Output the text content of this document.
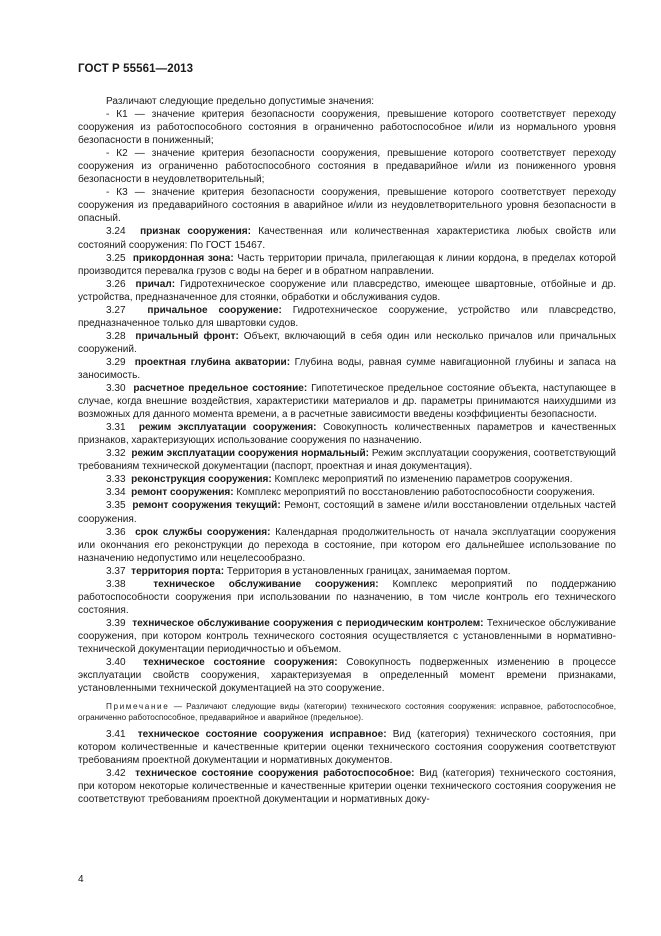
ГОСТ Р 55561—2013

Различают следующие предельно допустимые значения:

- К1 — значение критерия безопасности сооружения, превышение которого соответствует переходу сооружения из работоспособного состояния в ограниченно работоспособное и/или из нормального уровня безопасности в пониженный;

- К2 — значение критерия безопасности сооружения, превышение которого соответствует переходу сооружения из ограниченно работоспособного состояния в предаварийное и/или из пониженного уровня безопасности в неудовлетворительный;

- К3 — значение критерия безопасности сооружения, превышение которого соответствует переходу сооружения из предаварийного состояния в аварийное и/или из неудовлетворительного уровня безопасности в опасный.

3.24 признак сооружения: Качественная или количественная характеристика любых свойств или состояний сооружения: По ГОСТ 15467.

3.25 прикордонная зона: Часть территории причала, прилегающая к линии кордона, в пределах которой производится перевалка грузов с воды на берег и в обратном направлении.

3.26 причал: Гидротехническое сооружение или плавсредство, имеющее швартовные, отбойные и др. устройства, предназначенное для стоянки, обработки и обслуживания судов.

3.27 причальное сооружение: Гидротехническое сооружение, устройство или плавсредство, предназначенное только для швартовки судов.

3.28 причальный фронт: Объект, включающий в себя один или несколько причалов или причальных сооружений.

3.29 проектная глубина акватории: Глубина воды, равная сумме навигационной глубины и запаса на заносимость.

3.30 расчетное предельное состояние: Гипотетическое предельное состояние объекта, наступающее в случае, когда внешние воздействия, характеристики материалов и др. параметры принимаются наихудшими из возможных для данного момента времени, а в расчетные зависимости введены коэффициенты безопасности.

3.31 режим эксплуатации сооружения: Совокупность количественных параметров и качественных признаков, характеризующих использование сооружения по назначению.

3.32 режим эксплуатации сооружения нормальный: Режим эксплуатации сооружения, соответствующий требованиям технической документации (паспорт, проектная и иная документация).

3.33 реконструкция сооружения: Комплекс мероприятий по изменению параметров сооружения.

3.34 ремонт сооружения: Комплекс мероприятий по восстановлению работоспособности сооружения.

3.35 ремонт сооружения текущий: Ремонт, состоящий в замене и/или восстановлении отдельных частей сооружения.

3.36 срок службы сооружения: Календарная продолжительность от начала эксплуатации сооружения или окончания его реконструкции до перехода в состояние, при котором его дальнейшее использование по назначению недопустимо или нецелесообразно.

3.37 территория порта: Территория в установленных границах, занимаемая портом.

3.38	техническое обслуживание сооружения: Комплекс мероприятий по поддержанию работоспособности сооружения при использовании по назначению, в том числе контроль его технического состояния.

3.39 техническое обслуживание сооружения с периодическим контролем: Техническое обслуживание сооружения, при котором контроль технического состояния осуществляется с установленными в нормативно-технической документации периодичностью и объемом.

3.40 техническое состояние сооружения: Совокупность подверженных изменению в процессе эксплуатации свойств сооружения, характеризуемая в определенный момент времени признаками, установленными технической документацией на это сооружение.

Примечание — Различают следующие виды (категории) технического состояния сооружения: исправное, работоспособное, ограниченно работоспособное, предаварийное и аварийное (предельное).

3.41 техническое состояние сооружения исправное: Вид (категория) технического состояния, при котором количественные и качественные критерии оценки технического состояния сооружения соответствуют требованиям проектной документации и нормативных документов.

3.42 техническое состояние сооружения работоспособное: Вид (категория) технического состояния, при котором некоторые количественные и качественные критерии оценки технического состояния сооружения не соответствуют требованиям проектной документации и нормативных доку-

4
